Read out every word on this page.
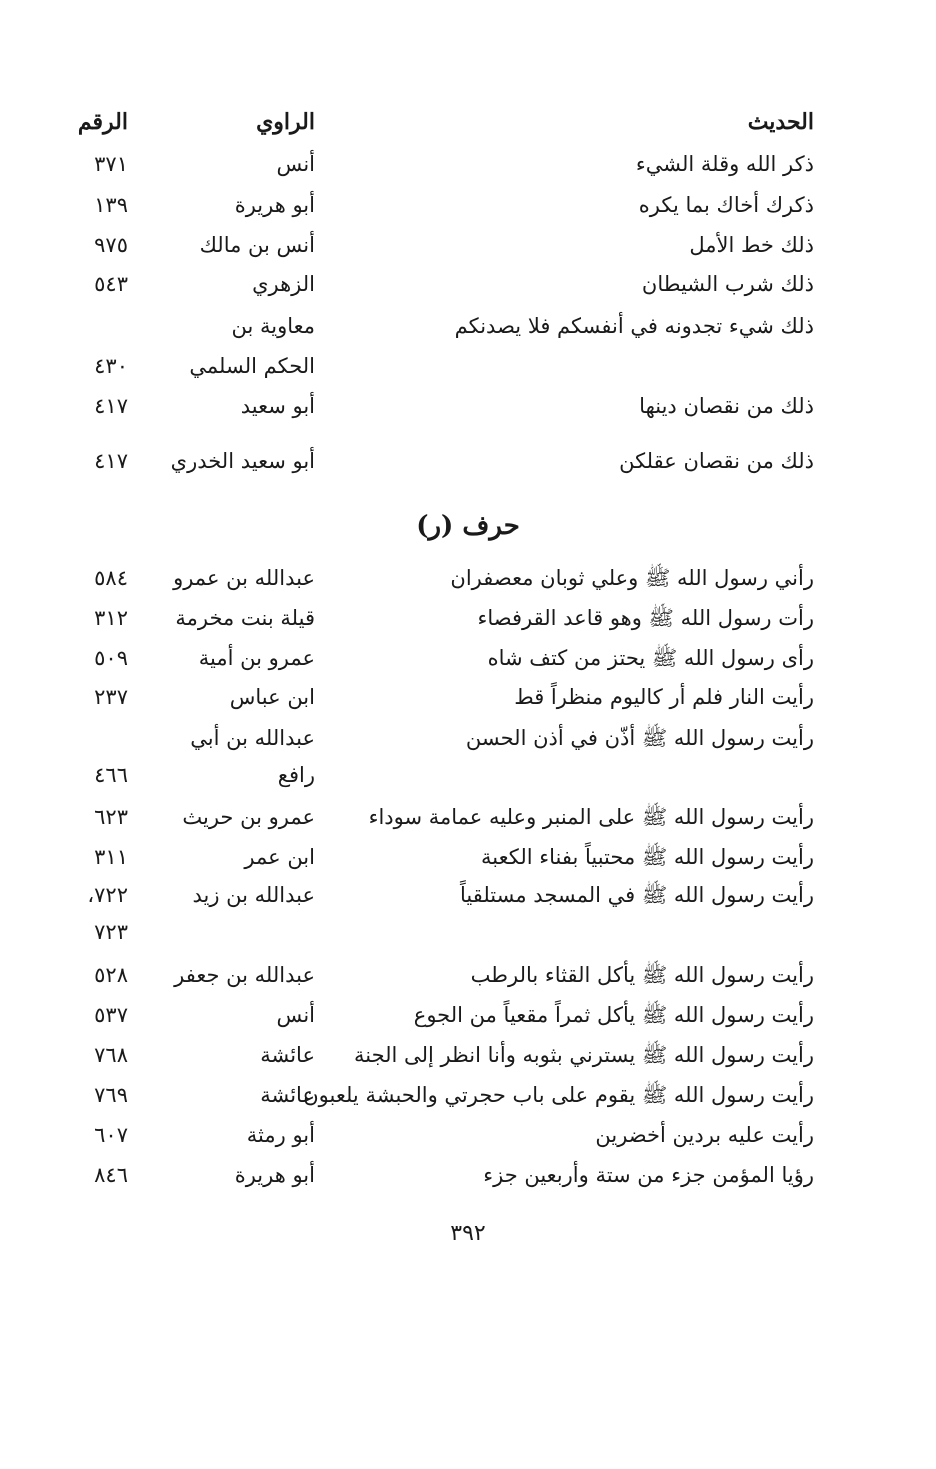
الحديث
الراوي
الرقم
ذكر الله وقلة الشيء
أنس
٣٧١
ذكرك أخاك بما يكره
أبو هريرة
١٣٩
ذلك خط الأمل
أنس بن مالك
٩٧٥
ذلك شرب الشيطان
الزهري
٥٤٣
ذلك شيء تجدونه في أنفسكم فلا يصدنكم
معاوية بن
الحكم السلمي
٤٣٠
ذلك من نقصان دينها
أبو سعيد
٤١٧
ذلك من نقصان عقلكن
أبو سعيد الخدري
٤١٧
حرف (ر)
رأني رسول الله ﷺ وعلي ثوبان معصفران
عبدالله بن عمرو
٥٨٤
رأت رسول الله ﷺ وهو قاعد القرفصاء
قيلة بنت مخرمة
٣١٢
رأى رسول الله ﷺ يحتز من كتف شاه
عمرو بن أمية
٥٠٩
رأيت النار فلم أر كاليوم منظراً قط
ابن عباس
٢٣٧
رأيت رسول الله ﷺ أذّن في أذن الحسن
عبدالله بن أبي
رافع
٤٦٦
رأيت رسول الله ﷺ على المنبر وعليه عمامة سوداء
عمرو بن حريث
٦٢٣
رأيت رسول الله ﷺ محتبياً بفناء الكعبة
ابن عمر
٣١١
رأيت رسول الله ﷺ في المسجد مستلقياً
عبدالله بن زيد
٧٢٢،
٧٢٣
رأيت رسول الله ﷺ يأكل القثاء بالرطب
عبدالله بن جعفر
٥٢٨
رأيت رسول الله ﷺ يأكل ثمراً مقعياً من الجوع
أنس
٥٣٧
رأيت رسول الله ﷺ يسترني بثوبه وأنا انظر إلى الجنة
عائشة
٧٦٨
رأيت رسول الله ﷺ يقوم على باب حجرتي والحبشة يلعبون
عائشة
٧٦٩
رأيت عليه بردين أخضرين
أبو رمثة
٦٠٧
رؤيا المؤمن جزء من ستة وأربعين جزء
أبو هريرة
٨٤٦
٣٩٢
